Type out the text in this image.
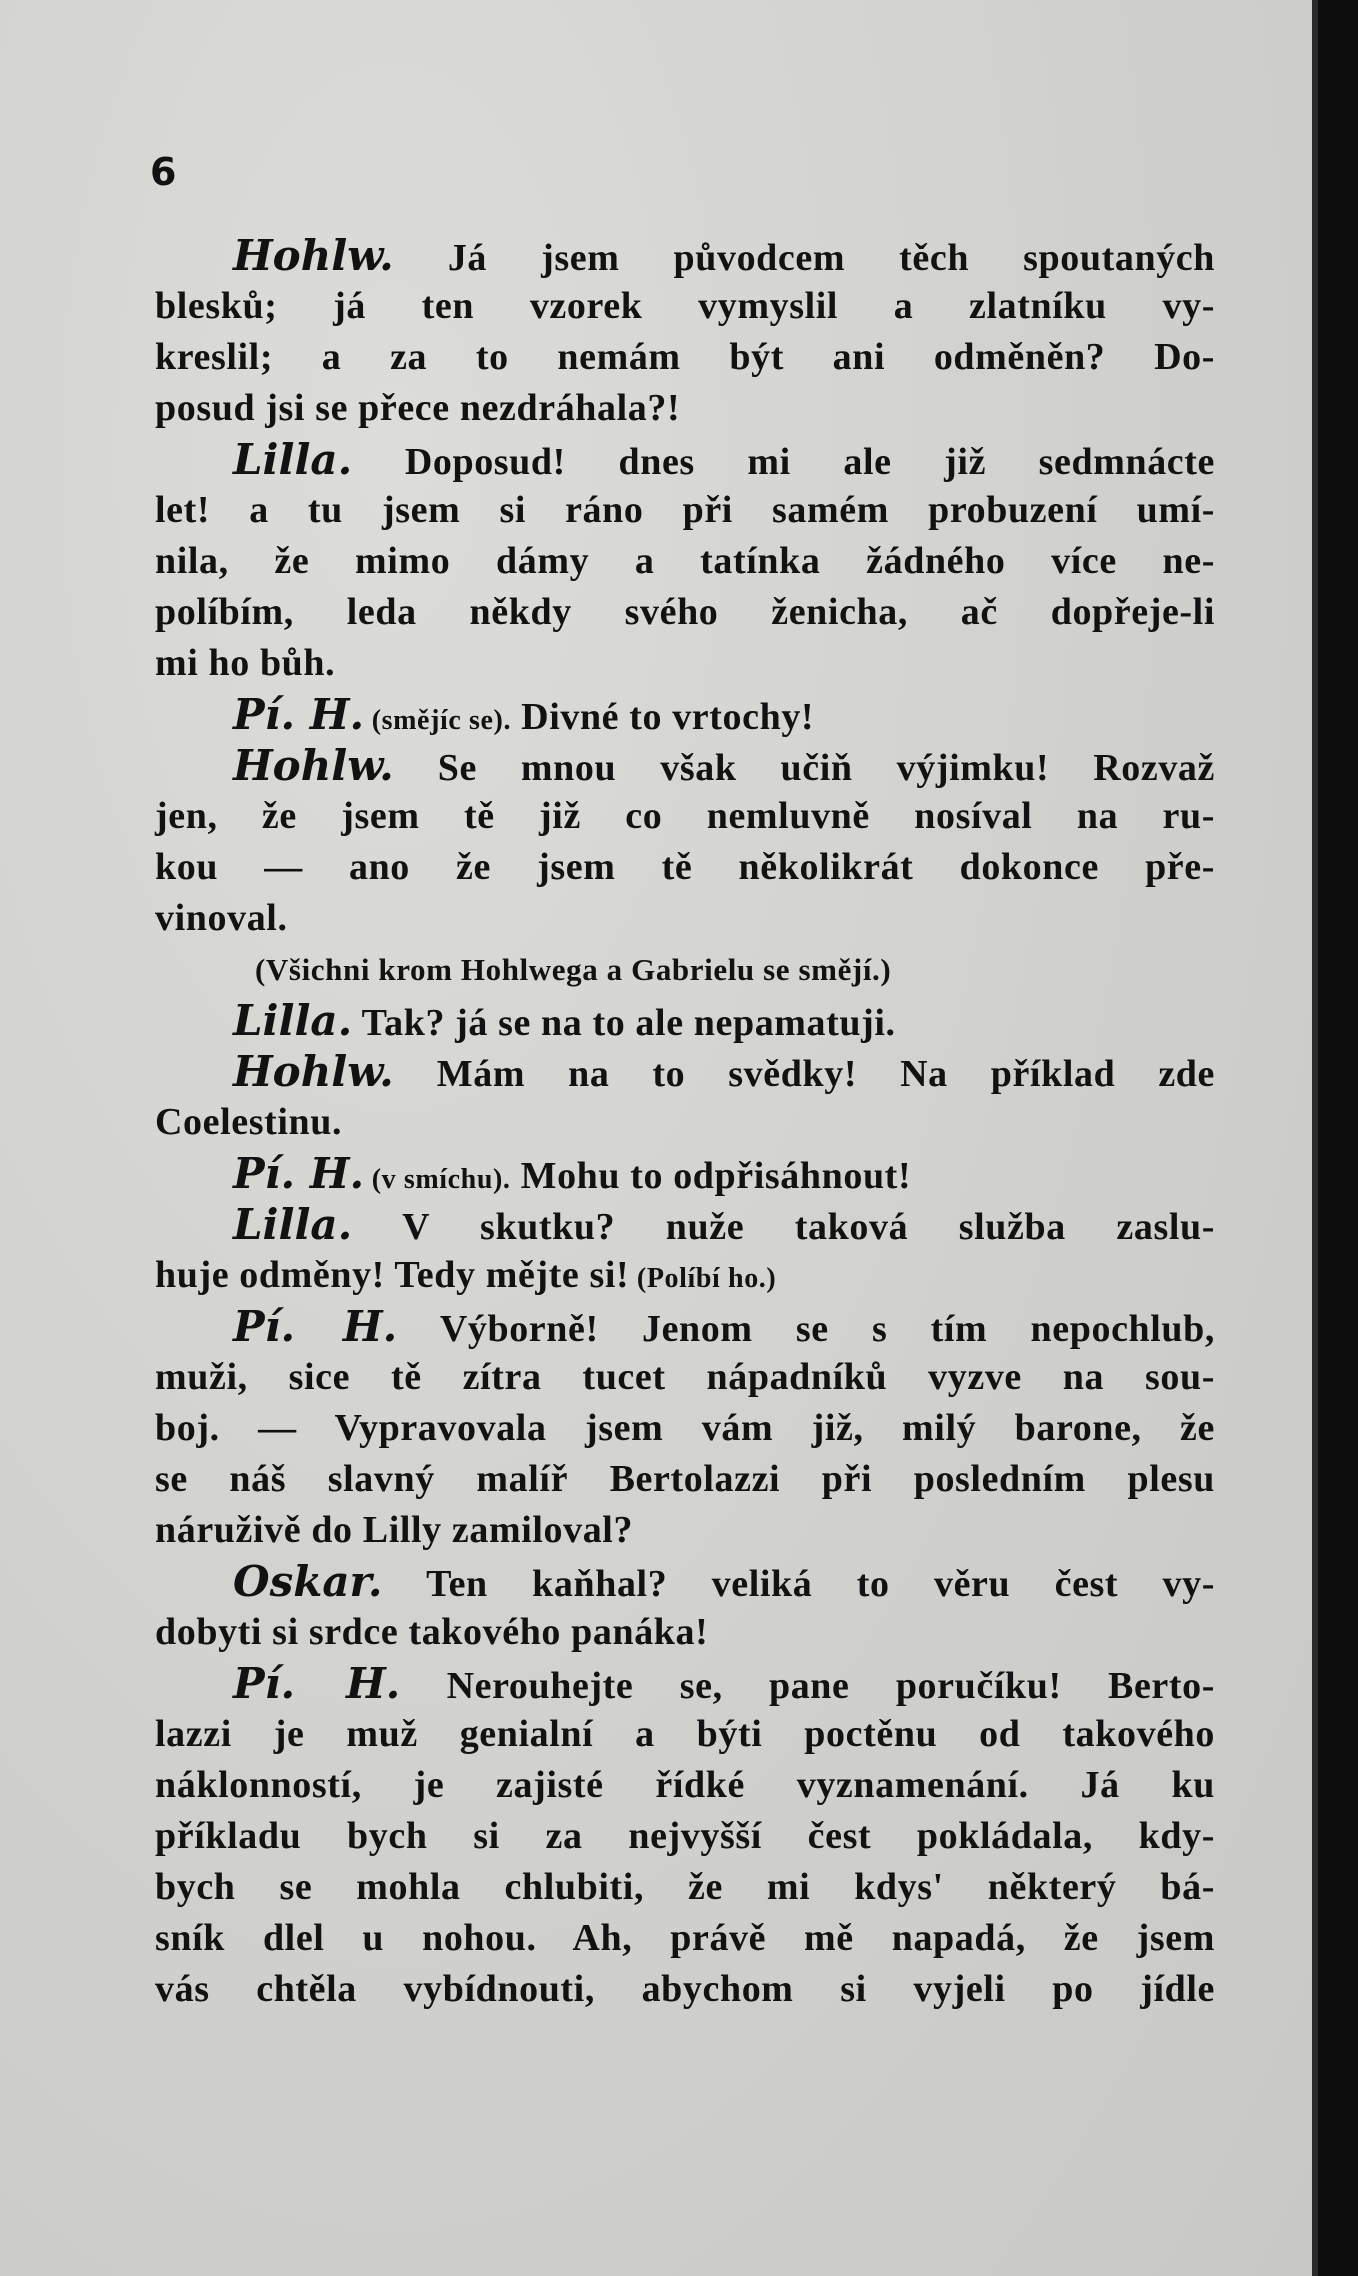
6
Hohlw. Já jsem původcem těch spoutaných
blesků; já ten vzorek vymyslil a zlatníku vy-
kreslil; a za to nemám být ani odměněn? Do-
posud jsi se přece nezdráhala?!
Lilla. Doposud! dnes mi ale již sedmnácte
let! a tu jsem si ráno při samém probuzení umí-
nila, že mimo dámy a tatínka žádného více ne-
políbím, leda někdy svého ženicha, ač dopřeje-li
mi ho bůh.
Pí. H. (smějíc se). Divné to vrtochy!
Hohlw. Se mnou však učiň výjimku! Rozvaž
jen, že jsem tě již co nemluvně nosíval na ru-
kou — ano že jsem tě několikrát dokonce pře-
vinoval.
(Všichni krom Hohlwega a Gabrielu se smějí.)
Lilla. Tak? já se na to ale nepamatuji.
Hohlw. Mám na to svědky! Na příklad zde
Coelestinu.
Pí. H. (v smíchu). Mohu to odpřisáhnout!
Lilla. V skutku? nuže taková služba zaslu-
huje odměny! Tedy mějte si! (Políbí ho.)
Pí. H. Výborně! Jenom se s tím nepochlub,
muži, sice tě zítra tucet nápadníků vyzve na sou-
boj. — Vypravovala jsem vám již, milý barone, že
se náš slavný malíř Bertolazzi při posledním plesu
náruživě do Lilly zamiloval?
Oskar. Ten kaňhal? veliká to věru čest vy-
dobyti si srdce takového panáka!
Pí. H. Nerouhejte se, pane poručíku! Berto-
lazzi je muž genialní a býti poctěnu od takového
náklonností, je zajisté řídké vyznamenání. Já ku
příkladu bych si za nejvyšší čest pokládala, kdy-
bych se mohla chlubiti, že mi kdys' některý bá-
sník dlel u nohou. Ah, právě mě napadá, že jsem
vás chtěla vybídnouti, abychom si vyjeli po jídle
